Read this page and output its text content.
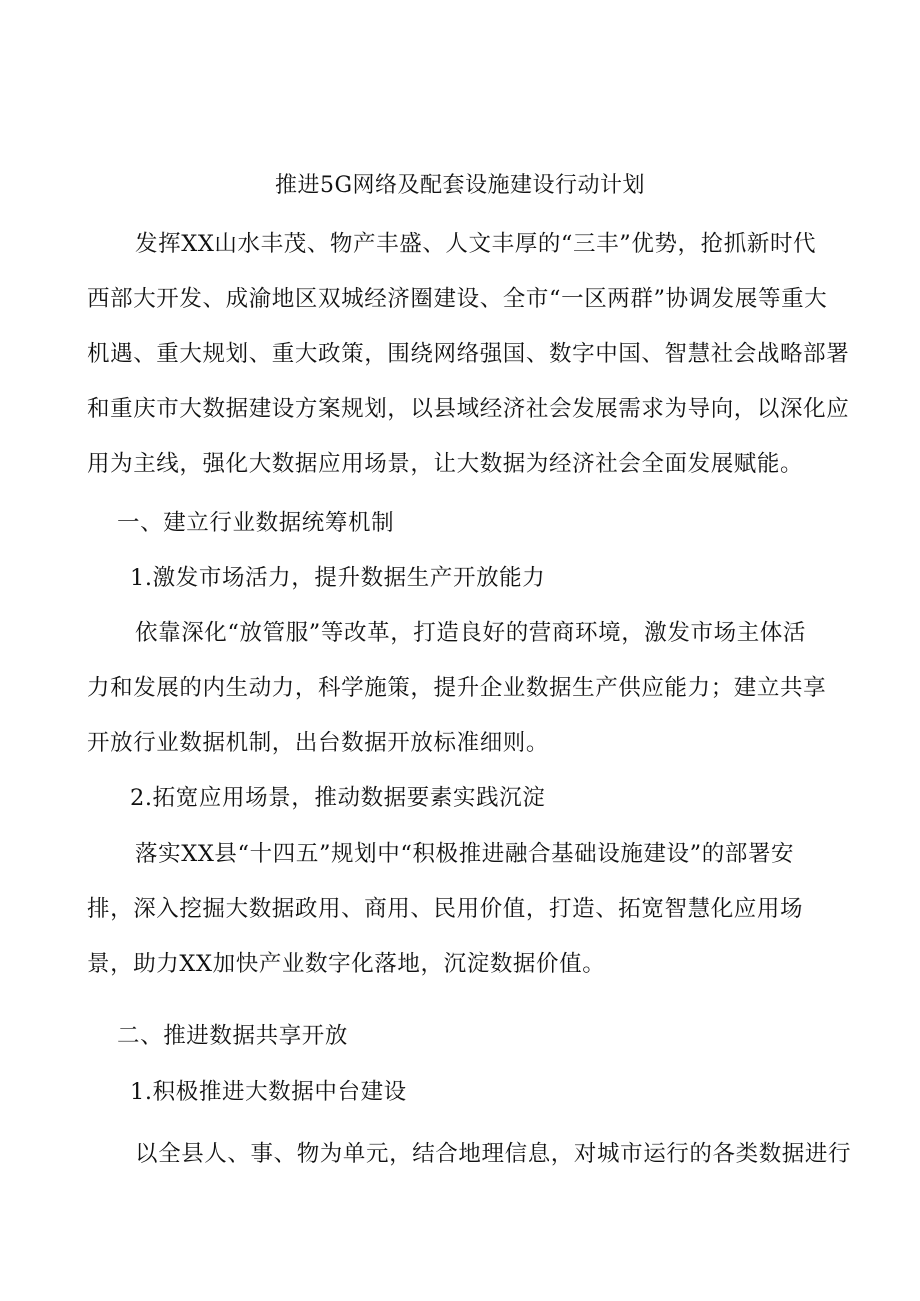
推进5G网络及配套设施建设行动计划
发挥XX山水丰茂、物产丰盛、人文丰厚的“三丰”优势，抢抓新时代
西部大开发、成渝地区双城经济圈建设、全市“一区两群”协调发展等重大
机遇、重大规划、重大政策，围绕网络强国、数字中国、智慧社会战略部署
和重庆市大数据建设方案规划，以县域经济社会发展需求为导向，以深化应
用为主线，强化大数据应用场景，让大数据为经济社会全面发展赋能。
一、建立行业数据统筹机制
1.激发市场活力，提升数据生产开放能力
依靠深化“放管服”等改革，打造良好的营商环境，激发市场主体活
力和发展的内生动力，科学施策，提升企业数据生产供应能力；建立共享
开放行业数据机制，出台数据开放标准细则。
2.拓宽应用场景，推动数据要素实践沉淀
落实XX县“十四五”规划中“积极推进融合基础设施建设”的部署安
排，深入挖掘大数据政用、商用、民用价值，打造、拓宽智慧化应用场
景，助力XX加快产业数字化落地，沉淀数据价值。
二、推进数据共享开放
1.积极推进大数据中台建设
以全县人、事、物为单元，结合地理信息，对城市运行的各类数据进行
